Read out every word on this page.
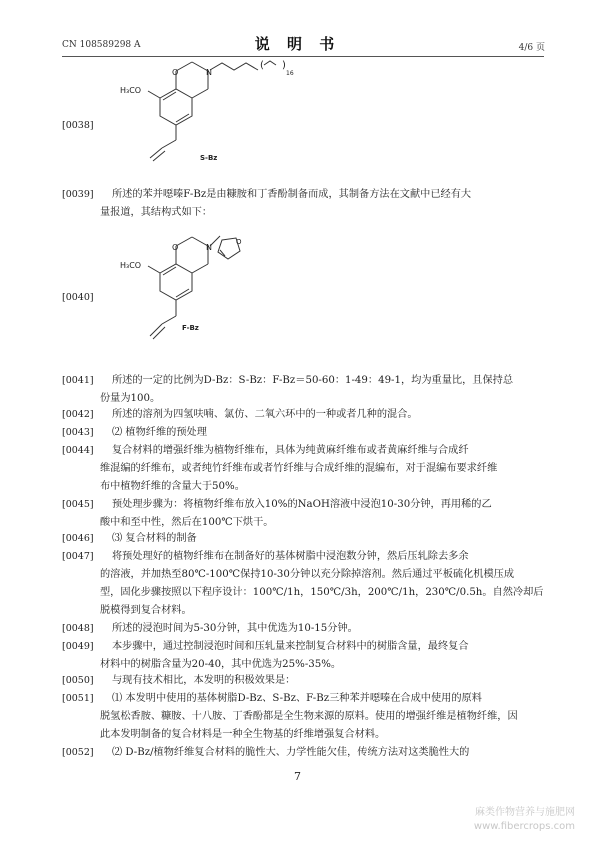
CN 108589298 A	说 明 书	4/6 页
[0038]
N
O
H₃CO
( )
16
S-Bz
[0039] 所述的苯并噁嗪F-Bz是由糠胺和丁香酚制备而成，其制备方法在文献中已经有大
量报道，其结构式如下：
[0040]
N
O
O
H₃CO
F-Bz
[0041] 所述的一定的比例为D-Bz：S-Bz：F-Bz＝50-60：1-49：49-1，均为重量比，且保持总
份量为100。
[0042] 所述的溶剂为四氢呋喃、氯仿、二氧六环中的一种或者几种的混合。
[0043] ⑵ 植物纤维的预处理
[0044] 复合材料的增强纤维为植物纤维布，具体为纯黄麻纤维布或者黄麻纤维与合成纤
维混编的纤维布，或者纯竹纤维布或者竹纤维与合成纤维的混编布，对于混编布要求纤维
布中植物纤维的含量大于50%。
[0045] 预处理步骤为：将植物纤维布放入10%的NaOH溶液中浸泡10-30分钟，再用稀的乙
酸中和至中性，然后在100℃下烘干。
[0046] ⑶ 复合材料的制备
[0047] 将预处理好的植物纤维布在制备好的基体树脂中浸泡数分钟，然后压轧除去多余
的溶液，并加热至80℃-100℃保持10-30分钟以充分除掉溶剂。然后通过平板硫化机模压成
型，固化步骤按照以下程序设计：100℃/1h，150℃/3h，200℃/1h，230℃/0.5h。自然冷却后
脱模得到复合材料。
[0048] 所述的浸泡时间为5-30分钟，其中优选为10-15分钟。
[0049] 本步骤中，通过控制浸泡时间和压轧量来控制复合材料中的树脂含量，最终复合
材料中的树脂含量为20-40，其中优选为25%-35%。
[0050] 与现有技术相比，本发明的积极效果是：
[0051] ⑴ 本发明中使用的基体树脂D-Bz、S-Bz、F-Bz三种苯并噁嗪在合成中使用的原料
脱氢松香胺、糠胺、十八胺、丁香酚都是全生物来源的原料。使用的增强纤维是植物纤维，因
此本发明制备的复合材料是一种全生物基的纤维增强复合材料。
[0052] ⑵ D-Bz/植物纤维复合材料的脆性大、力学性能欠佳，传统方法对这类脆性大的
7
麻类作物营养与施肥网
www.fibercrops.com
